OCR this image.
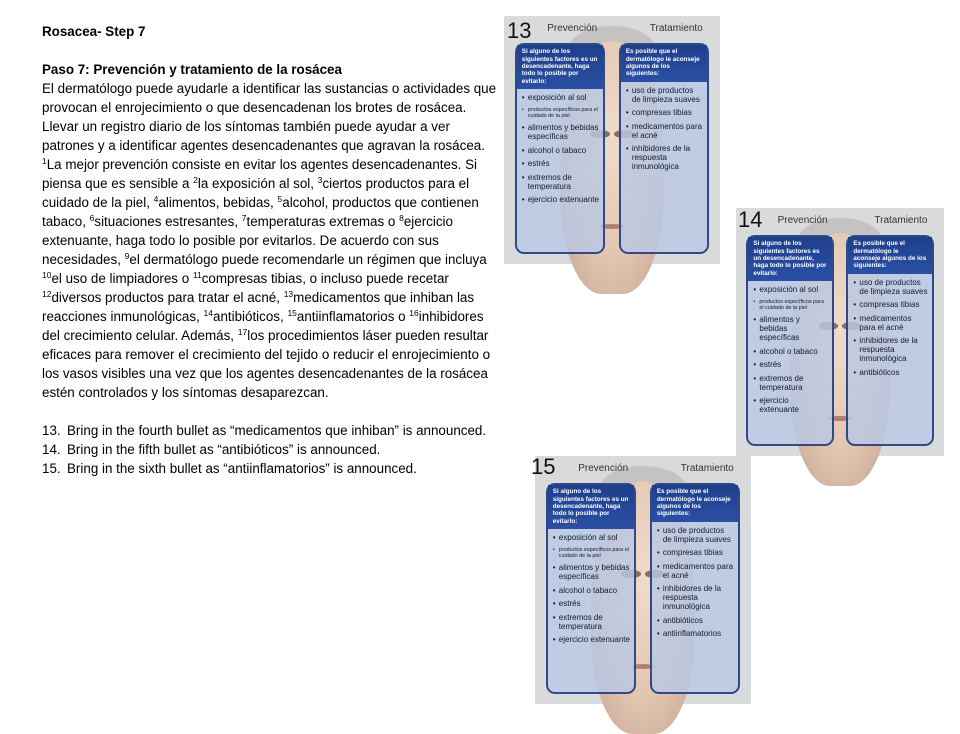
Rosacea- Step 7
Paso 7: Prevención y tratamiento de la rosácea
El dermatólogo puede ayudarle a identificar las sustancias o actividades que provocan el enrojecimiento o que desencadenan los brotes de rosácea. Llevar un registro diario de los síntomas también puede ayudar a ver patrones y a identificar agentes desencadenantes que agravan la rosácea. $^1$La mejor prevención consiste en evitar los agentes desencadenantes. Si piensa que es sensible a $^2$la exposición al sol, $^3$ciertos productos para el cuidado de la piel, $^4$alimentos, bebidas, $^5$alcohol, productos que contienen tabaco, $^6$situaciones estresantes, $^7$temperaturas extremas o $^8$ejercicio extenuante, haga todo lo posible por evitarlos. De acuerdo con sus necesidades, $^9$el dermatólogo puede recomendarle un régimen que incluya $^{10}$el uso de limpiadores o $^{11}$compresas tibias, o incluso puede recetar $^{12}$diversos productos para tratar el acné, $^{13}$medicamentos que inhiban las reacciones inmunológicas, $^{14}$antibióticos, $^{15}$antiinflamatorios o $^{16}$inhibidores del crecimiento celular. Además, $^{17}$los procedimientos láser pueden resultar eficaces para remover el crecimiento del tejido o reducir el enrojecimiento o los vasos visibles una vez que los agentes desencadenantes de la rosácea estén controlados y los síntomas desaparezcan.
13. Bring in the fourth bullet as “medicamentos que inhiban” is announced.
14. Bring in the fifth bullet as “antibióticos” is announced.
15. Bring in the sixth bullet as “antiinflamatorios” is announced.
Prevención	Tratamiento
Si alguno de los siguientes factores es un desencadenante, haga todo lo posible por evitarlo:
• exposición al sol
• productos específicos para el cuidado de la piel
• alimentos y bebidas específicas
• alcohol o tabaco
• estrés
• extremos de temperatura
• ejercicio extenuante
Es posible que el dermatólogo le aconseje algunos de los siguientes:
• uso de productos de limpieza suaves
• compresas tibias
• medicamentos para el acné
• inhibidores de la respuesta inmunológica
13
Prevención	Tratamiento
Si alguno de los siguientes factores es un desencadenante, haga todo lo posible por evitarlo:
• exposición al sol
• productos específicos para el cuidado de la piel
• alimentos y bebidas específicas
• alcohol o tabaco
• estrés
• extremos de temperatura
• ejercicio extenuante
Es posible que el dermatólogo le aconseje algunos de los siguientes:
• uso de productos de limpieza suaves
• compresas tibias
• medicamentos para el acné
• inhibidores de la respuesta inmunológica
• antibióticos
14
Prevención	Tratamiento
Si alguno de los siguientes factores es un desencadenante, haga todo lo posible por evitarlo:
• exposición al sol
• productos específicos para el cuidado de la piel
• alimentos y bebidas específicas
• alcohol o tabaco
• estrés
• extremos de temperatura
• ejercicio extenuante
Es posible que el dermatólogo le aconseje algunos de los siguientes:
• uso de productos de limpieza suaves
• compresas tibias
• medicamentos para el acné
• inhibidores de la respuesta inmunológica
• antibióticos
• antiinflamatorios
15
